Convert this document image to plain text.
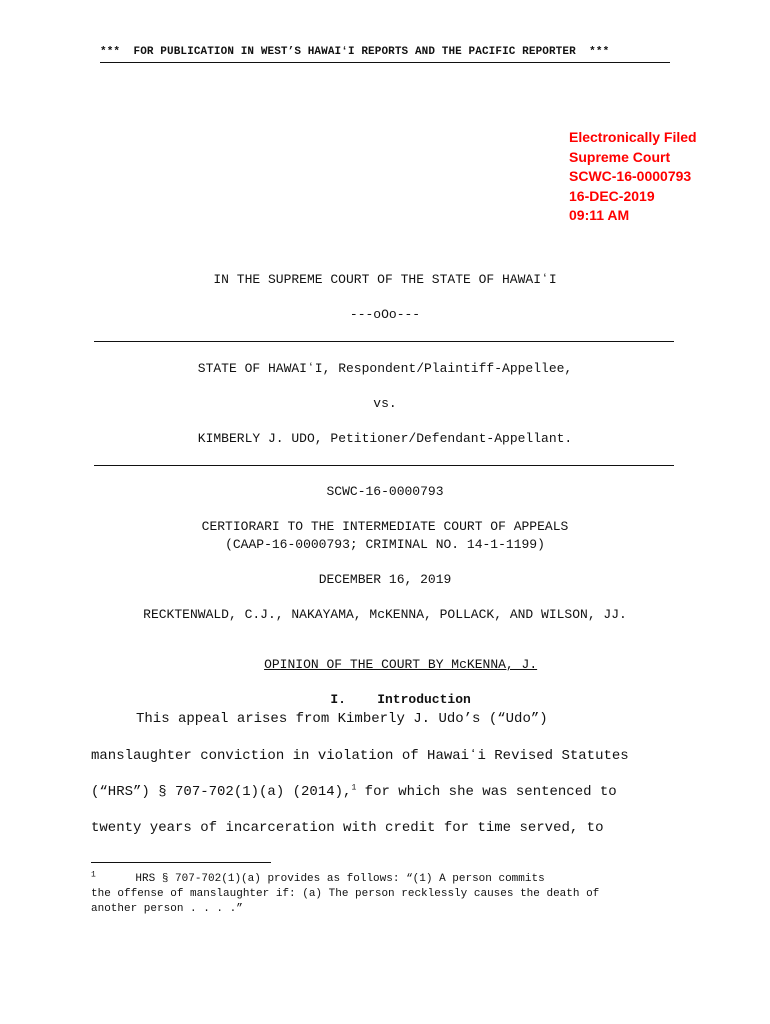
***  FOR PUBLICATION IN WEST’S HAWAIʻI REPORTS AND THE PACIFIC REPORTER  ***
Electronically Filed
Supreme Court
SCWC-16-0000793
16-DEC-2019
09:11 AM
IN THE SUPREME COURT OF THE STATE OF HAWAIʻI
---oOo---
STATE OF HAWAIʻI, Respondent/Plaintiff-Appellee,
vs.
KIMBERLY J. UDO, Petitioner/Defendant-Appellant.
SCWC-16-0000793
CERTIORARI TO THE INTERMEDIATE COURT OF APPEALS
(CAAP-16-0000793; CRIMINAL NO. 14-1-1199)
DECEMBER 16, 2019
RECKTENWALD, C.J., NAKAYAMA, McKENNA, POLLACK, AND WILSON, JJ.

OPINION OF THE COURT BY McKENNA, J.

I. Introduction

This appeal arises from Kimberly J. Udo’s (“Udo”)
manslaughter conviction in violation of Hawaiʻi Revised Statutes
(“HRS”) § 707-702(1)(a) (2014),$^1$ for which she was sentenced to
twenty years of incarceration with credit for time served, to
$^1$	HRS § 707-702(1)(a) provides as follows: “(1) A person commits
the offense of manslaughter if: (a) The person recklessly causes the death of
another person . . . .”
